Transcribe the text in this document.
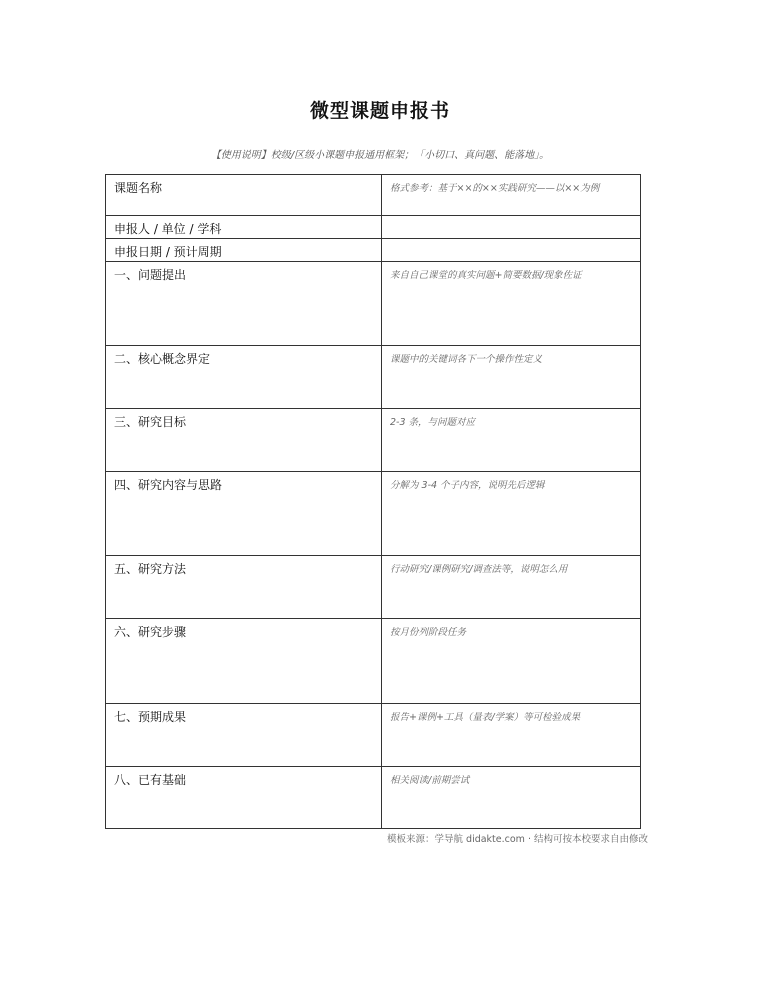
微型课题申报书
【使用说明】校级/区级小课题申报通用框架；「小切口、真问题、能落地」。
课题名称	格式参考：基于××的××实践研究——以××为例
申报人 / 单位 / 学科	
申报日期 / 预计周期	
一、问题提出	来自自己课堂的真实问题+简要数据/现象佐证
二、核心概念界定	课题中的关键词各下一个操作性定义
三、研究目标	2-3 条，与问题对应
四、研究内容与思路	分解为 3-4 个子内容，说明先后逻辑
五、研究方法	行动研究/课例研究/调查法等，说明怎么用
六、研究步骤	按月份列阶段任务
七、预期成果	报告+课例+工具（量表/学案）等可检验成果
八、已有基础	相关阅读/前期尝试
模板来源：学导航 didakte.com · 结构可按本校要求自由修改
